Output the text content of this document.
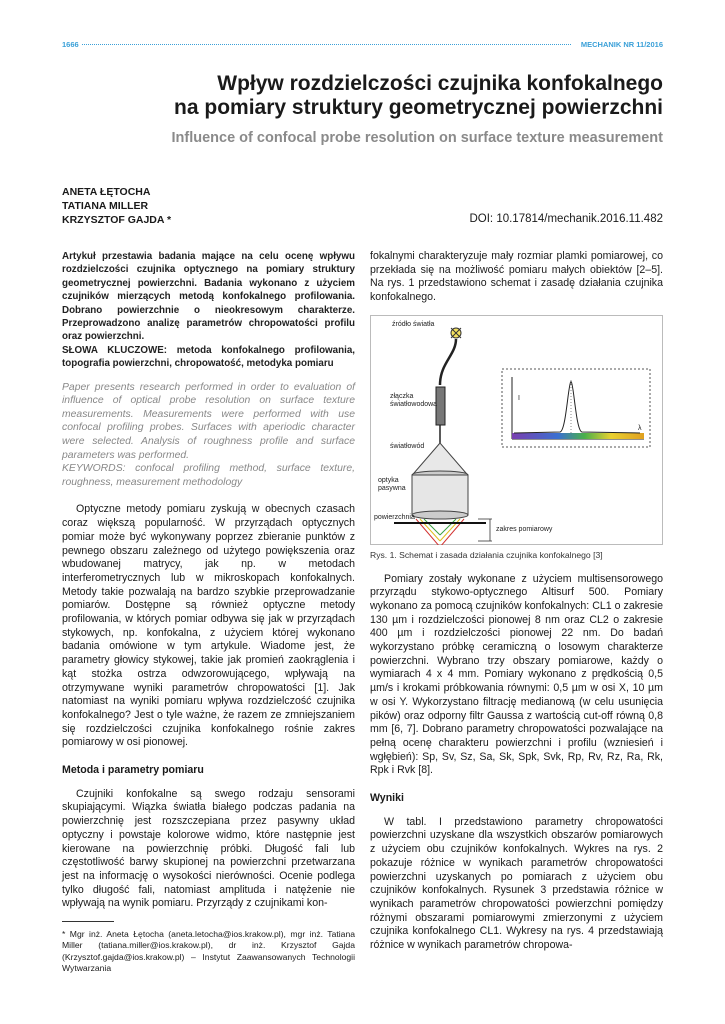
1666	MECHANIK NR 11/2016
Wpływ rozdzielczości czujnika konfokalnego
na pomiary struktury geometrycznej powierzchni
Influence of confocal probe resolution on surface texture measurement
ANETA ŁĘTOCHA
TATIANA MILLER
KRZYSZTOF GAJDA *	DOI: 10.17814/mechanik.2016.11.482
Artykuł przestawia badania mające na celu ocenę wpływu rozdzielczości czujnika optycznego na pomiary struktury geometrycznej powierzchni. Badania wykonano z użyciem czujników mierzących metodą konfokalnego profilowania. Dobrano powierzchnie o nieokresowym charakterze. Przeprowadzono analizę parametrów chropowatości profilu oraz powierzchni.
SŁOWA KLUCZOWE: metoda konfokalnego profilowania, topografia powierzchni, chropowatość, metodyka pomiaru
Paper presents research performed in order to evaluation of influence of optical probe resolution on surface texture measurements. Measurements were performed with use confocal profiling probes. Surfaces with aperiodic character were selected. Analysis of roughness profile and surface parameters was performed.
KEYWORDS: confocal profiling method, surface texture, roughness, measurement methodology
Optyczne metody pomiaru zyskują w obecnych czasach coraz większą popularność. W przyrządach optycznych pomiar może być wykonywany poprzez zbieranie punktów z pewnego obszaru zależnego od użytego powiększenia oraz wbudowanej matrycy, jak np. w metodach interferometrycznych lub w mikroskopach konfokalnych. Metody takie pozwalają na bardzo szybkie przeprowadzanie pomiarów. Dostępne są również optyczne metody profilowania, w których pomiar odbywa się jak w przyrządach stykowych, np. konfokalna, z użyciem której wykonano badania omówione w tym artykule. Wiadome jest, że parametry głowicy stykowej, takie jak promień zaokrąglenia i kąt stożka ostrza odwzorowującego, wpływają na otrzymywane wyniki parametrów chropowatości [1]. Jak natomiast na wyniki pomiaru wpływa rozdzielczość czujnika konfokalnego? Jest o tyle ważne, że razem ze zmniejszaniem się rozdzielczości czujnika konfokalnego rośnie zakres pomiarowy w osi pionowej.
Metoda i parametry pomiaru
Czujniki konfokalne są swego rodzaju sensorami skupiającymi. Wiązka światła białego podczas padania na powierzchnię jest rozszczepiana przez pasywny układ optyczny i powstaje kolorowe widmo, które następnie jest kierowane na powierzchnię próbki. Długość fali lub częstotliwość barwy skupionej na powierzchni przetwarzana jest na informację o wysokości nierówności. Ocenie podlega tylko długość fali, natomiast amplituda i natężenie nie wpływają na wynik pomiaru. Przyrządy z czujnikami kon-
* Mgr inż. Aneta Łętocha (aneta.letocha@ios.krakow.pl), mgr inż. Tatiana Miller (tatiana.miller@ios.krakow.pl), dr inż. Krzysztof Gajda (Krzysztof.gajda@ios.krakow.pl) – Instytut Zaawansowanych Technologii Wytwarzania
fokalnymi charakteryzuje mały rozmiar plamki pomiarowej, co przekłada się na możliwość pomiaru małych obiektów [2–5]. Na rys. 1 przedstawiono schemat i zasadę działania czujnika konfokalnego.
źródło światła
złączka światłowodowa
światłowód
optyka pasywna
powierzchnia
zakres pomiarowy
I
λ
Rys. 1. Schemat i zasada działania czujnika konfokalnego [3]
Pomiary zostały wykonane z użyciem multisensorowego przyrządu stykowo-optycznego Altisurf 500. Pomiary wykonano za pomocą czujników konfokalnych: CL1 o zakresie 130 µm i rozdzielczości pionowej 8 nm oraz CL2 o zakresie 400 µm i rozdzielczości pionowej 22 nm. Do badań wykorzystano próbkę ceramiczną o losowym charakterze powierzchni. Wybrano trzy obszary pomiarowe, każdy o wymiarach 4 x 4 mm. Pomiary wykonano z prędkością 0,5 µm/s i krokami próbkowania równymi: 0,5 µm w osi X, 10 µm w osi Y. Wykorzystano filtrację medianową (w celu usunięcia pików) oraz odporny filtr Gaussa z wartością cut-off równą 0,8 mm [6, 7]. Dobrano parametry chropowatości pozwalające na pełną ocenę charakteru powierzchni i profilu (wzniesień i wgłębień): Sp, Sv, Sz, Sa, Sk, Spk, Svk, Rp, Rv, Rz, Ra, Rk, Rpk i Rvk [8].
Wyniki
W tabl. I przedstawiono parametry chropowatości powierzchni uzyskane dla wszystkich obszarów pomiarowych z użyciem obu czujników konfokalnych. Wykres na rys. 2 pokazuje różnice w wynikach parametrów chropowatości powierzchni uzyskanych po pomiarach z użyciem obu czujników konfokalnych. Rysunek 3 przedstawia różnice w wynikach parametrów chropowatości powierzchni pomiędzy różnymi obszarami pomiarowymi zmierzonymi z użyciem czujnika konfokalnego CL1. Wykresy na rys. 4 przedstawiają różnice w wynikach parametrów chropowa-
